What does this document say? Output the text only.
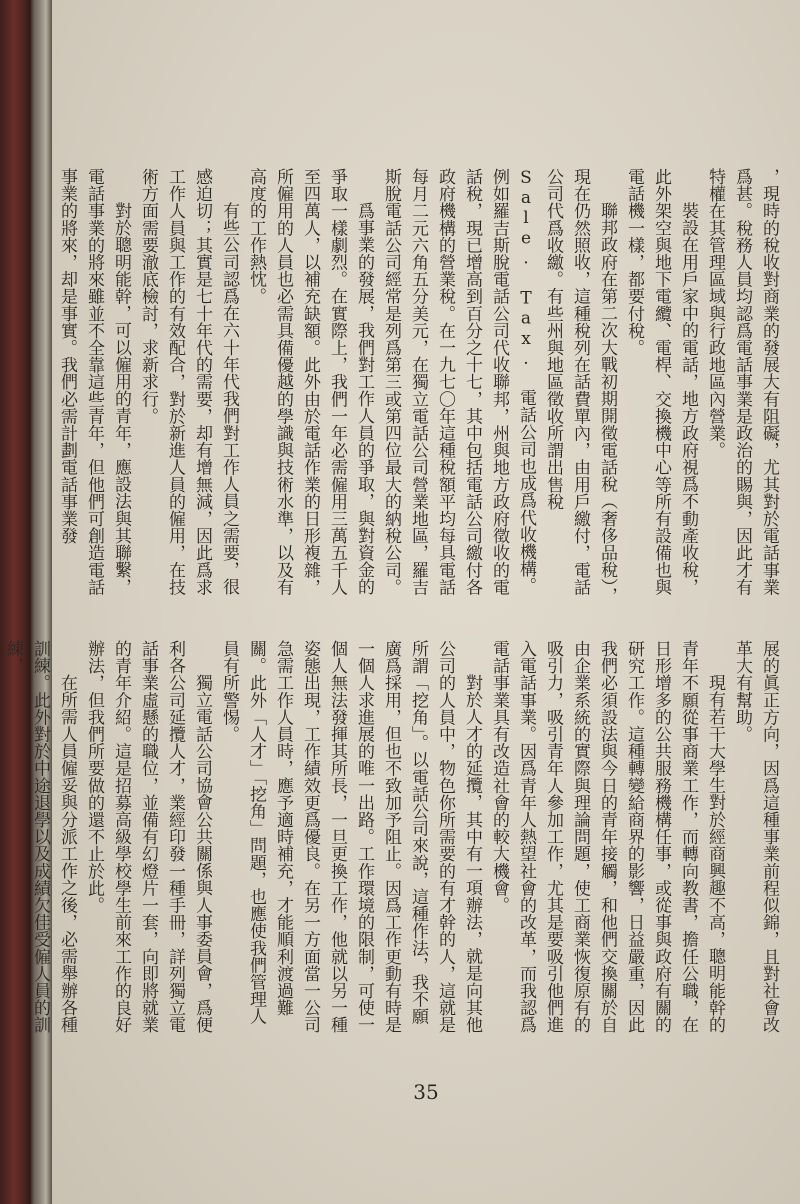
，現時的稅收對商業的發展大有阻礙，尤其對於電話事業爲甚。稅務人員均認爲電話事業是政治的賜與，因此才有特權在其管理區域與行政地區內營業。

裝設在用戶家中的電話，地方政府視爲不動產收稅，此外架空與地下電纜、電桿、交換機中心等所有設備也與電話機一樣，都要付稅。

聯邦政府在第二次大戰初期開徵電話稅（奢侈品稅），現在仍然照收，這種稅列在話費單內，由用戶繳付，電話公司代爲收繳。有些州與地區徵收所謂出售稅 Sale. Tax. 電話公司也成爲代收機構。例如羅吉斯脫電話公司代收聯邦，州與地方政府徵收的電話稅，現已增高到百分之十七，其中包括電話公司繳付各政府機構的營業稅。在一九七〇年這種稅額平均每具電話每月二元六角五分美元，在獨立電話公司營業地區，羅吉斯脫電話公司經常是列爲第三或第四位最大的納稅公司。

爲事業的發展，我們對工作人員的爭取，與對資金的爭取一樣劇烈。在實際上，我們一年必需僱用三萬五千人至四萬人，以補充缺額。此外由於電話作業的日形複雜，所僱用的人員也必需具備優越的學識與技術水準，以及有高度的工作熱忱。

有些公司認爲在六十年代我們對工作人員之需要，很感迫切；其實是七十年代的需要，却有增無減，因此爲求工作人員與工作的有效配合，對於新進人員的僱用，在技術方面需要澈底檢討，求新求行。

對於聰明能幹，可以僱用的青年，應設法與其聯繫，電話事業的將來雖並不全靠這些青年，但他們可創造電話事業的將來，却是事實。我們必需計劃電話事業發

展的眞正方向，因爲這種事業前程似錦，且對社會改革大有幫助。

現有若干大學生對於經商興趣不高，聰明能幹的青年不願從事商業工作，而轉向教書，擔任公職，在日形增多的公共服務機構任事，或從事與政府有關的研究工作。這種轉變給商界的影響，日益嚴重，因此我們必須設法與今日的青年接觸，和他們交換關於自由企業系統的實際與理論問題，使工商業恢復原有的吸引力，吸引青年人參加工作，尤其是要吸引他們進入電話事業。因爲青年人熱望社會的改革，而我認爲電話事業具有改造社會的較大機會。

對於人才的延攬，其中有一項辦法，就是向其他公司的人員中，物色你所需要的有才幹的人，這就是所謂「挖角」。以電話公司來說，這種作法，我不願廣爲採用，但也不致加予阻止。因爲工作更動有時是一個人求進展的唯一出路。工作環境的限制，可使一個人無法發揮其所長，一旦更換工作，他就以另一種姿態出現，工作績效更爲優良。在另一方面當一公司急需工作人員時，應予適時補充，才能順利渡過難關。此外「人才」「挖角」問題，也應使我們管理人員有所警惕。

獨立電話公司協會公共關係與人事委員會，爲便利各公司延攬人才，業經印發一種手冊，詳列獨立電話事業虛懸的職位，並備有幻燈片一套，向即將就業的青年介紹。這是招募高級學校學生前來工作的良好辦法，但我們所要做的還不止於此。

在所需人員僱妥與分派工作之後，必需舉辦各種訓練。此外對於中途退學以及成績欠佳受僱人員的訓練，

35
